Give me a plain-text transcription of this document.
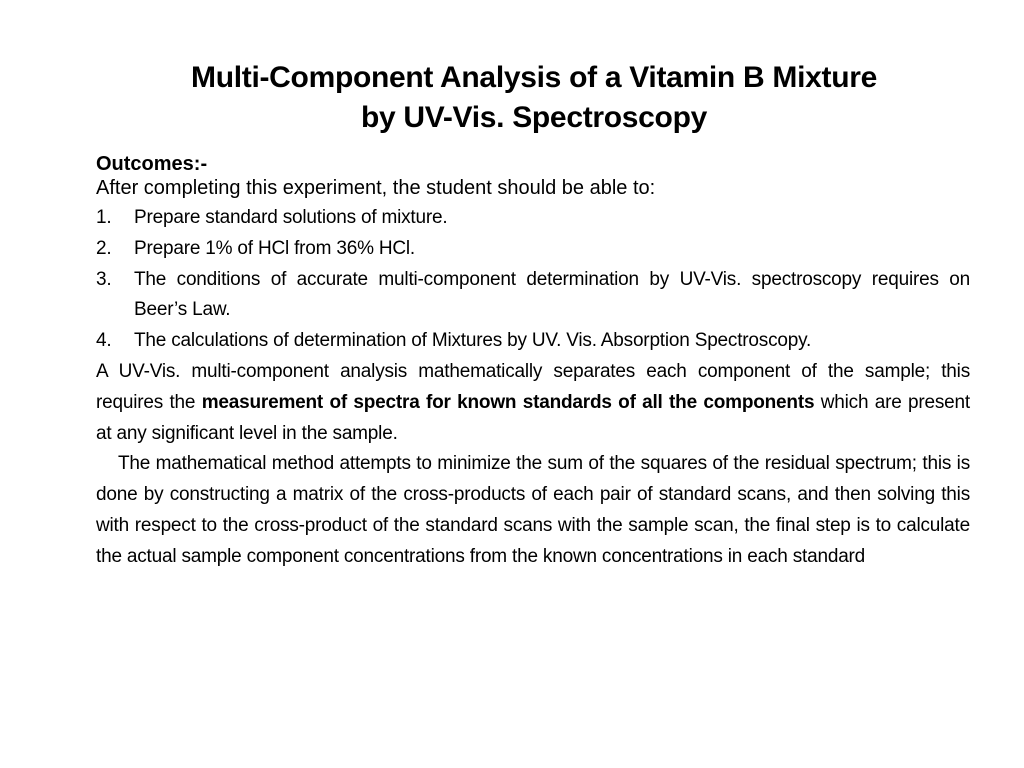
Multi-Component Analysis of a Vitamin B Mixture
by UV-Vis. Spectroscopy
Outcomes:-
After completing this experiment, the student should be able to:
1. Prepare standard solutions of mixture.
2. Prepare 1% of HCl from 36% HCl.
3. The conditions of accurate multi-component determination by UV-Vis. spectroscopy requires on Beer’s Law.
4. The calculations of determination of Mixtures by UV. Vis. Absorption Spectroscopy.
A UV-Vis. multi-component analysis mathematically separates each component of the sample; this requires the measurement of spectra for known standards of all the components which are present at any significant level in the sample.
The mathematical method attempts to minimize the sum of the squares of the residual spectrum; this is done by constructing a matrix of the cross-products of each pair of standard scans, and then solving this with respect to the cross-product of the standard scans with the sample scan, the final step is to calculate the actual sample component concentrations from the known concentrations in each standard
